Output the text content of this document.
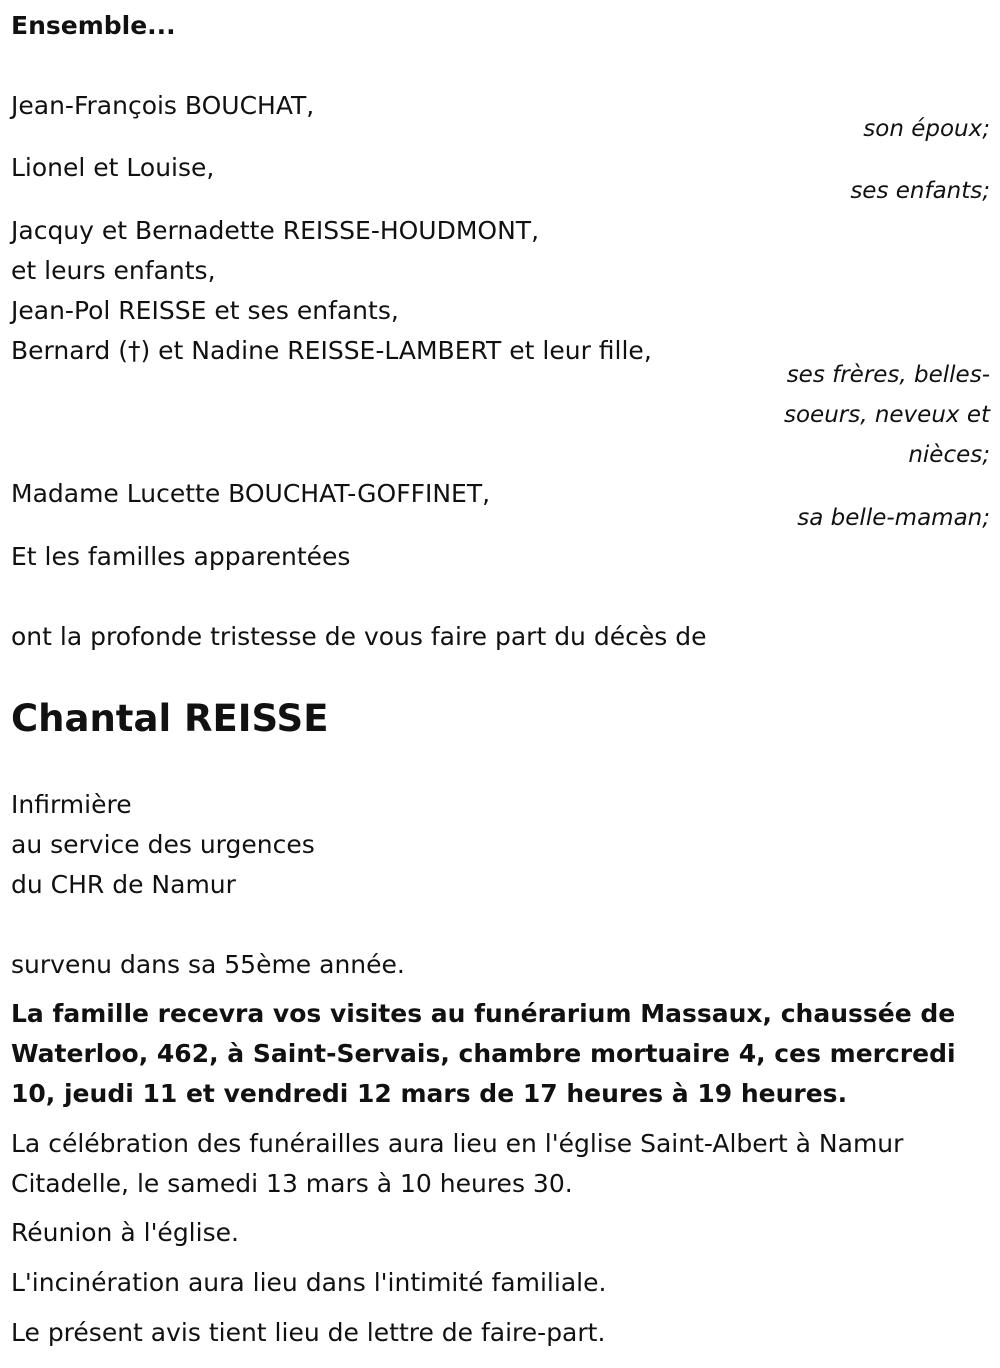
Ensemble...

Jean-François BOUCHAT,

son époux;

Lionel et Louise,

ses enfants;

Jacquy et Bernadette REISSE-HOUDMONT,

et leurs enfants,

Jean-Pol REISSE et ses enfants,

Bernard (†) et Nadine REISSE-LAMBERT et leur fille,

ses frères, belles-

soeurs, neveux et

nièces;

Madame Lucette BOUCHAT-GOFFINET,

sa belle-maman;

Et les familles apparentées

ont la profonde tristesse de vous faire part du décès de

Chantal REISSE

Infirmière

au service des urgences

du CHR de Namur

survenu dans sa 55ème année.

La famille recevra vos visites au funérarium Massaux, chaussée de Waterloo, 462, à Saint-Servais, chambre mortuaire 4, ces mercredi 10, jeudi 11 et vendredi 12 mars de 17 heures à 19 heures.

La célébration des funérailles aura lieu en l'église Saint-Albert à Namur Citadelle, le samedi 13 mars à 10 heures 30.

Réunion à l'église.

L'incinération aura lieu dans l'intimité familiale.

Le présent avis tient lieu de lettre de faire-part.
